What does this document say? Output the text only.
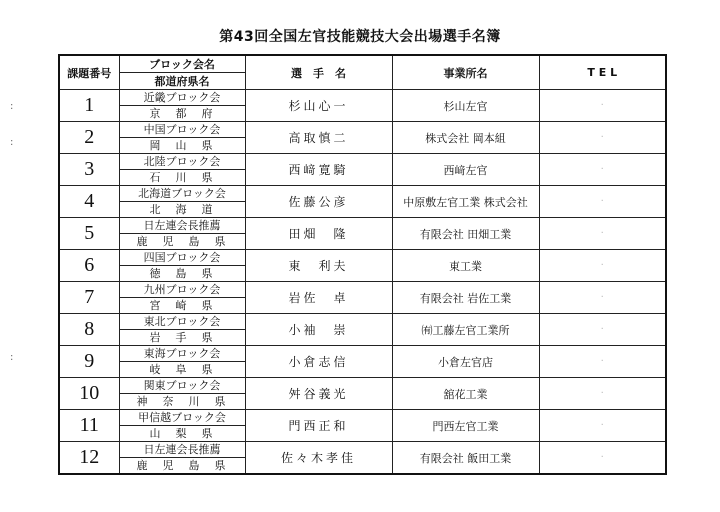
第43回全国左官技能競技大会出場選手名簿
:
:
:
課題番号	ブロック会名	選　手　名	事業所名	T E L
	都道府県名			
1	近畿ブロック会	杉山心一	杉山左官	·
	京　都　府			
2	中国ブロック会	高取慎二	株式会社 岡本組	·
	岡　山　県			
3	北陸ブロック会	西﨑寛騎	西﨑左官	·
	石　川　県			
4	北海道ブロック会	佐藤公彦	中原敷左官工業 株式会社	·
	北　海　道			
5	日左連会長推薦	田畑　隆	有限会社 田畑工業	·
	鹿　児　島　県			
6	四国ブロック会	東　利夫	東工業	·
	徳　島　県			
7	九州ブロック会	岩佐　卓	有限会社 岩佐工業	·
	宮　崎　県			
8	東北ブロック会	小袖　崇	㈲工藤左官工業所	·
	岩　手　県			
9	東海ブロック会	小倉志信	小倉左官店	·
	岐　阜　県			
10	関東ブロック会	舛谷義光	舘花工業	·
	神　奈　川　県			
11	甲信越ブロック会	門西正和	門西左官工業	·
	山　梨　県			
12	日左連会長推薦	佐々木孝佳	有限会社 飯田工業	·
	鹿　児　島　県			
